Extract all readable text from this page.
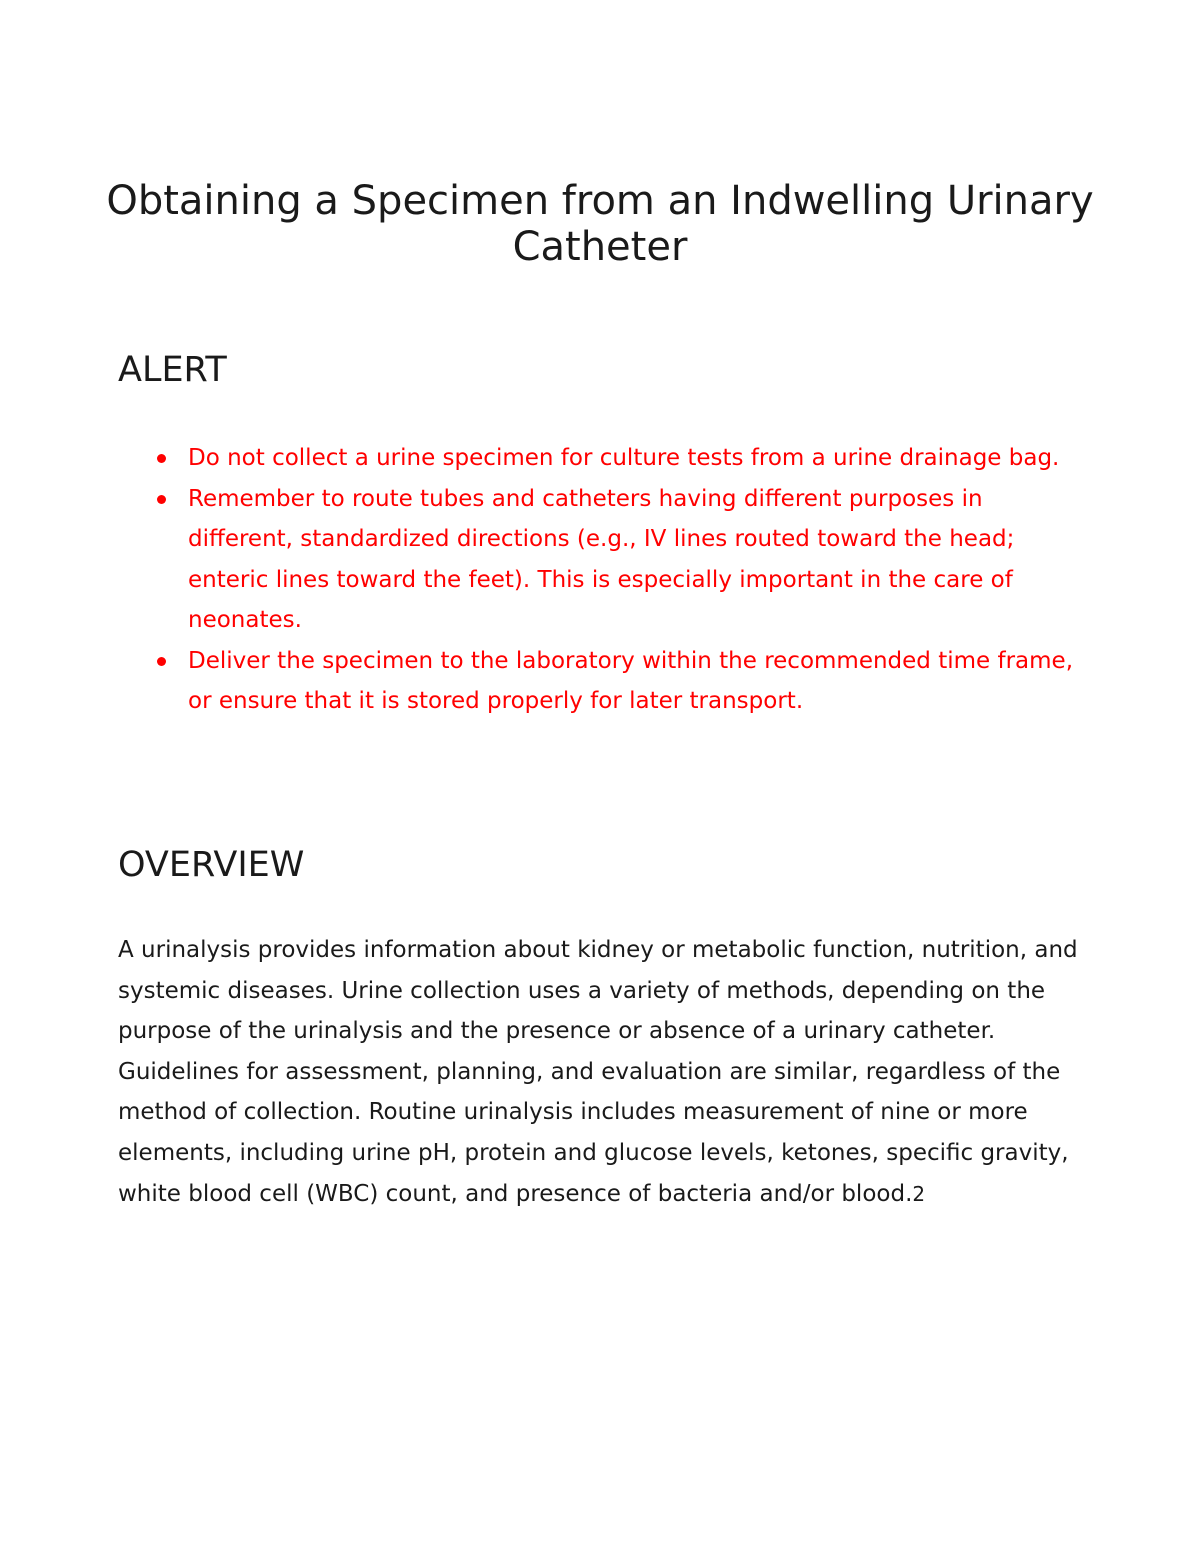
Obtaining a Specimen from an Indwelling Urinary Catheter
ALERT
Do not collect a urine specimen for culture tests from a urine drainage bag.
Remember to route tubes and catheters having different purposes in different, standardized directions (e.g., IV lines routed toward the head; enteric lines toward the feet). This is especially important in the care of neonates.
Deliver the specimen to the laboratory within the recommended time frame, or ensure that it is stored properly for later transport.
OVERVIEW

A urinalysis provides information about kidney or metabolic function, nutrition, and systemic diseases. Urine collection uses a variety of methods, depending on the purpose of the urinalysis and the presence or absence of a urinary catheter. Guidelines for assessment, planning, and evaluation are similar, regardless of the method of collection. Routine urinalysis includes measurement of nine or more elements, including urine pH, protein and glucose levels, ketones, specific gravity, white blood cell (WBC) count, and presence of bacteria and/or blood.2
